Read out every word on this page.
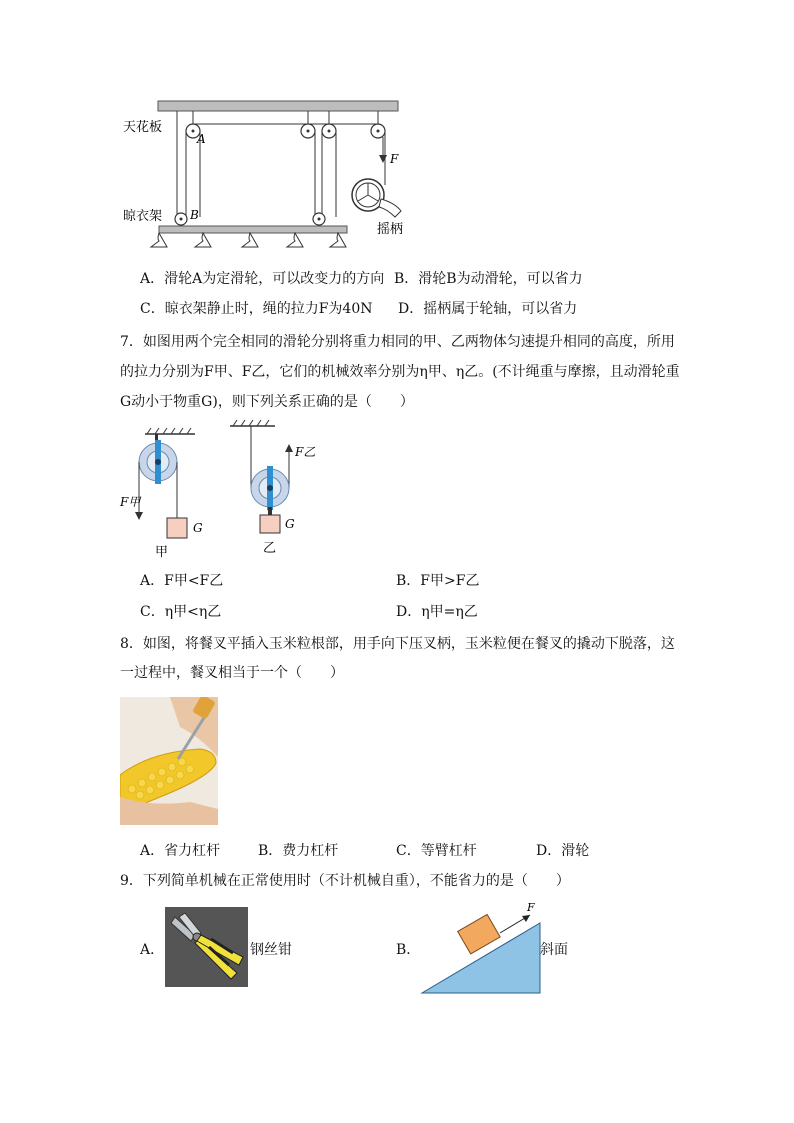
A
B
F
天花板
晾衣架
摇柄
A．滑轮A为定滑轮，可以改变力的方向 B．滑轮B为动滑轮，可以省力
C．晾衣架静止时，绳的拉力F为40N D．摇柄属于轮轴，可以省力
7．如图用两个完全相同的滑轮分别将重力相同的甲、乙两物体匀速提升相同的高度，所用
的拉力分别为F甲、F乙，它们的机械效率分别为η甲、η乙。(不计绳重与摩擦，且动滑轮重
G动小于物重G)，则下列关系正确的是（　　）
F甲
F乙
G	G
甲	乙
A．F甲<F乙	B．F甲>F乙
C．η甲<η乙	D．η甲=η乙
8．如图，将餐叉平插入玉米粒根部，用手向下压叉柄，玉米粒便在餐叉的撬动下脱落，这
一过程中，餐叉相当于一个（　　）
A．省力杠杆	B．费力杠杆	C．等臂杠杆	D．滑轮
9．下列简单机械在正常使用时（不计机械自重），不能省力的是（　　）
A．	钢丝钳	B．
F
斜面
